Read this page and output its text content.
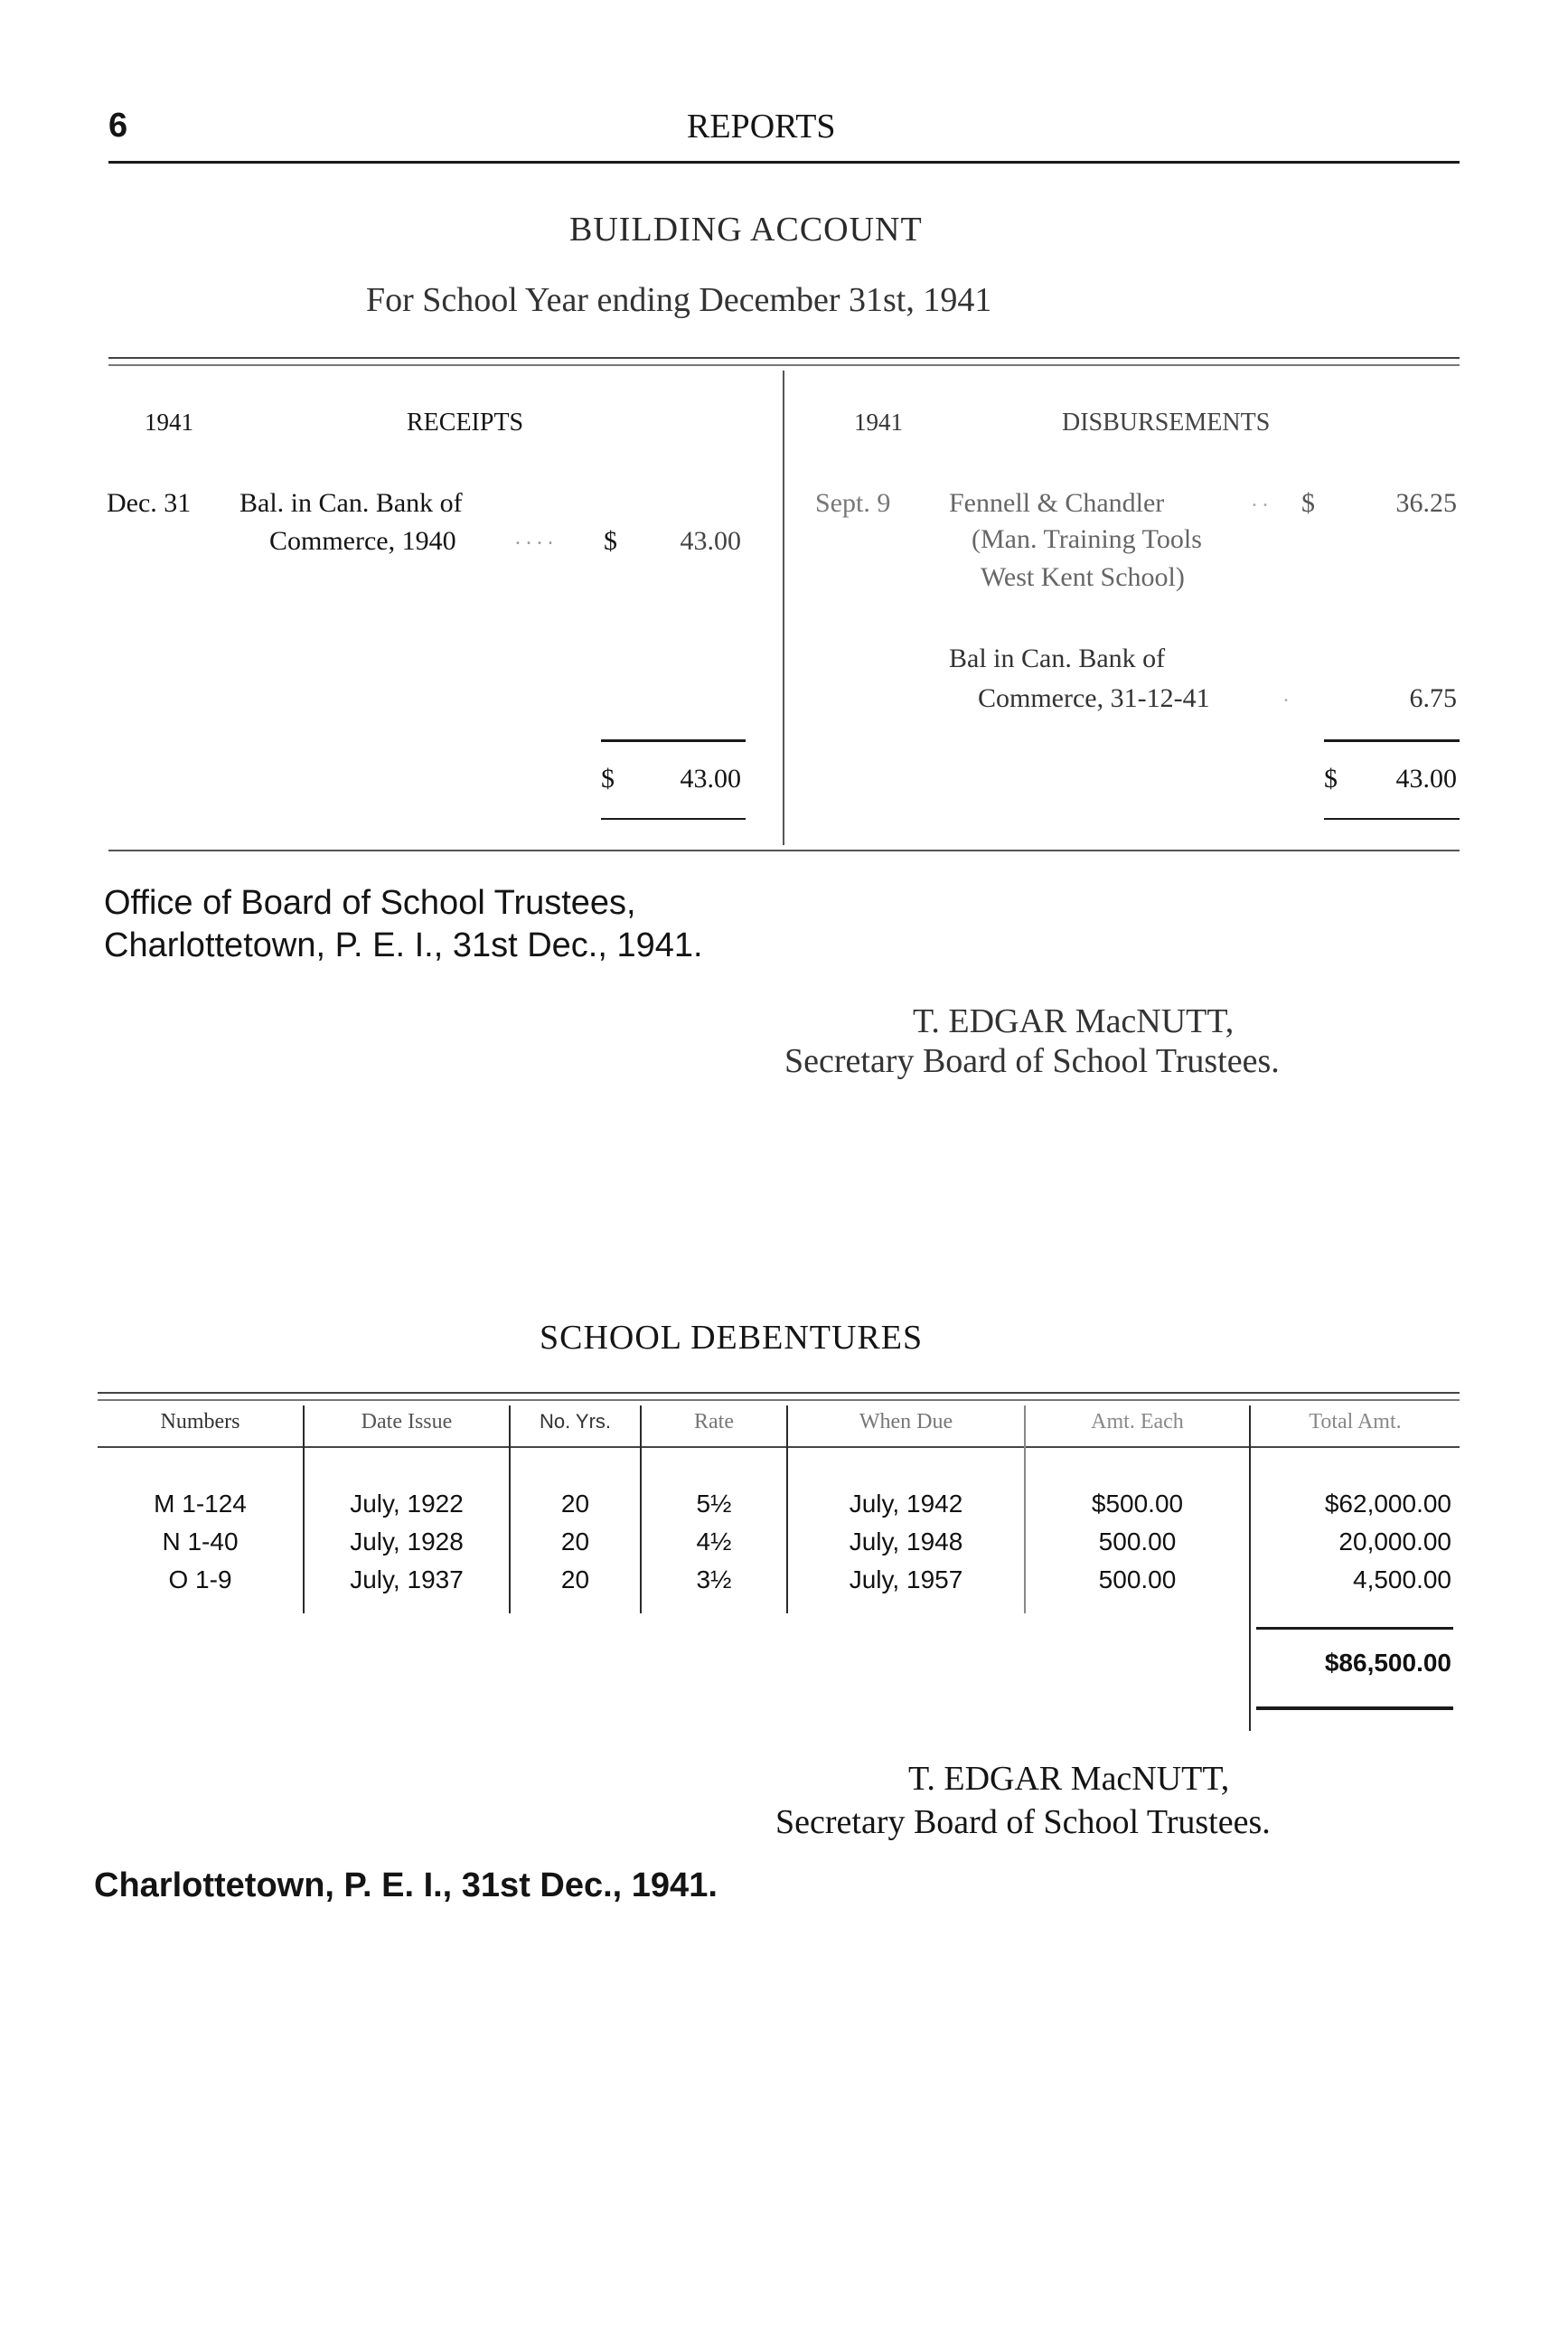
6	REPORTS
BUILDING ACCOUNT
For School Year ending December 31st, 1941
1941	RECEIPTS
Dec. 31 Bal. in Can. Bank of
Commerce, 1940	. . . . $	43.00
$	43.00
1941	DISBURSEMENTS
Sept. 9 Fennell & Chandler	. . $	36.25
(Man. Training Tools
West Kent School)
Bal in Can. Bank of
Commerce, 31-12-41	.	6.75
$	43.00
Office of Board of School Trustees,
Charlottetown, P. E. I., 31st Dec., 1941.
T. EDGAR MacNUTT,
Secretary Board of School Trustees.
SCHOOL DEBENTURES
Numbers	Date Issue	No. Yrs.	Rate	When Due	Amt. Each	Total Amt.
M 1-124	July, 1922	20	5½	July, 1942	$500.00	$62,000.00
N 1-40	July, 1928	20	4½	July, 1948	500.00	20,000.00
O 1-9	July, 1937	20	3½	July, 1957	500.00	4,500.00
$86,500.00
T. EDGAR MacNUTT,
Secretary Board of School Trustees.
Charlottetown, P. E. I., 31st Dec., 1941.
